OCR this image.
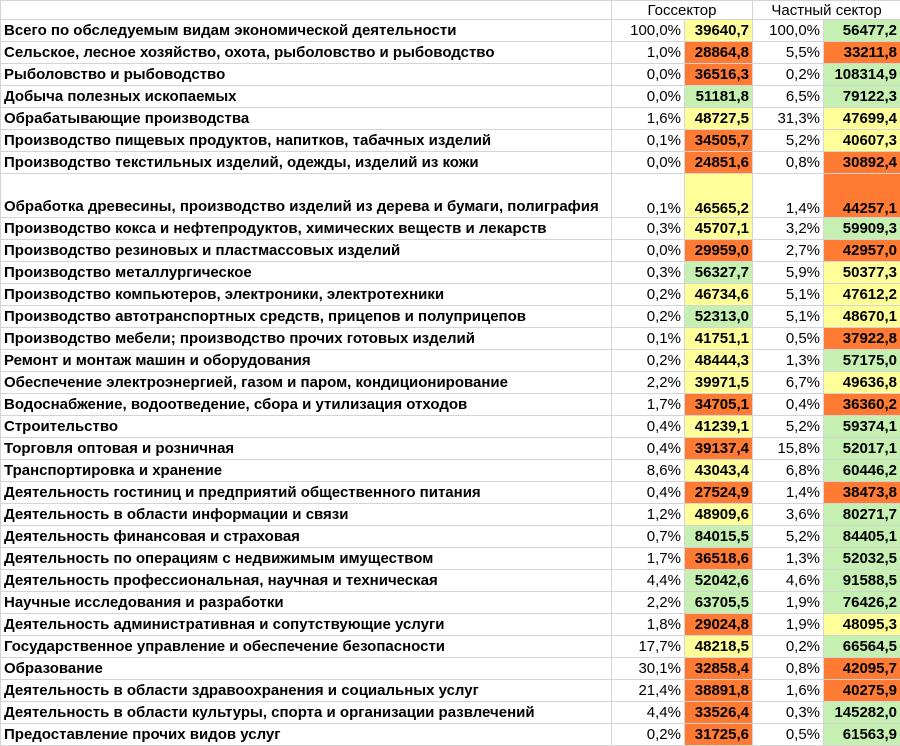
	Госсектор		Частный сектор	
Всего по обследуемым видам экономической деятельности	100,0%	39640,7	100,0%	56477,2
Сельское, лесное хозяйство, охота, рыболовство и рыбоводство	1,0%	28864,8	5,5%	33211,8
Рыболовство и рыбоводство	0,0%	36516,3	0,2%	108314,9
Добыча полезных ископаемых	0,0%	51181,8	6,5%	79122,3
Обрабатывающие производства	1,6%	48727,5	31,3%	47699,4
Производство пищевых продуктов, напитков, табачных изделий	0,1%	34505,7	5,2%	40607,3
Производство текстильных изделий, одежды, изделий из кожи	0,0%	24851,6	0,8%	30892,4
Обработка древесины, производство изделий из дерева и бумаги, полиграфия	0,1%	46565,2	1,4%	44257,1
Производство кокса и нефтепродуктов, химических веществ и лекарств	0,3%	45707,1	3,2%	59909,3
Производство резиновых и пластмассовых изделий	0,0%	29959,0	2,7%	42957,0
Производство металлургическое	0,3%	56327,7	5,9%	50377,3
Производство компьютеров, электроники, электротехники	0,2%	46734,6	5,1%	47612,2
Производство автотранспортных средств, прицепов и полуприцепов	0,2%	52313,0	5,1%	48670,1
Производство мебели; производство прочих готовых изделий	0,1%	41751,1	0,5%	37922,8
Ремонт и монтаж машин и оборудования	0,2%	48444,3	1,3%	57175,0
Обеспечение электроэнергией, газом и паром, кондиционирование	2,2%	39971,5	6,7%	49636,8
Водоснабжение, водоотведение, сбора и утилизация отходов	1,7%	34705,1	0,4%	36360,2
Строительство	0,4%	41239,1	5,2%	59374,1
Торговля оптовая и розничная	0,4%	39137,4	15,8%	52017,1
Транспортировка и хранение	8,6%	43043,4	6,8%	60446,2
Деятельность гостиниц и предприятий общественного питания	0,4%	27524,9	1,4%	38473,8
Деятельность в области информации и связи	1,2%	48909,6	3,6%	80271,7
Деятельность финансовая и страховая	0,7%	84015,5	5,2%	84405,1
Деятельность по операциям с недвижимым имуществом	1,7%	36518,6	1,3%	52032,5
Деятельность профессиональная, научная и техническая	4,4%	52042,6	4,6%	91588,5
Научные исследования и разработки	2,2%	63705,5	1,9%	76426,2
Деятельность административная и сопутствующие услуги	1,8%	29024,8	1,9%	48095,3
Государственное управление и обеспечение безопасности	17,7%	48218,5	0,2%	66564,5
Образование	30,1%	32858,4	0,8%	42095,7
Деятельность в области здравоохранения и социальных услуг	21,4%	38891,8	1,6%	40275,9
Деятельность в области культуры, спорта и организации развлечений	4,4%	33526,4	0,3%	145282,0
Предоставление прочих видов услуг	0,2%	31725,6	0,5%	61563,9
